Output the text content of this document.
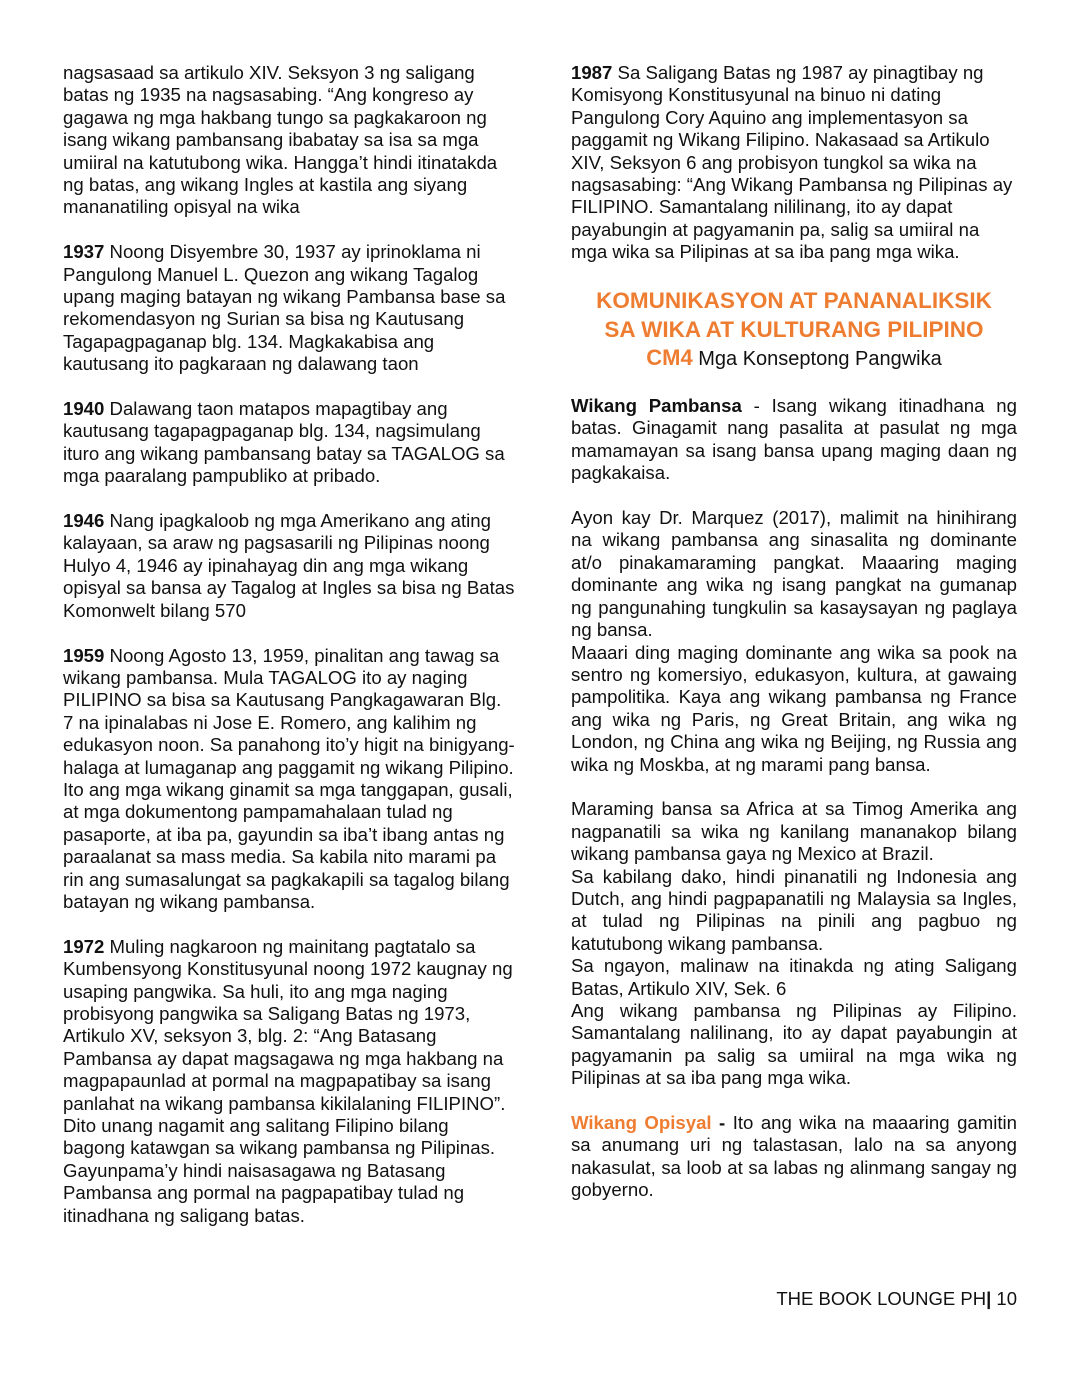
nagsasaad sa artikulo XIV. Seksyon 3 ng saligang batas ng 1935 na nagsasabing. “Ang kongreso ay gagawa ng mga hakbang tungo sa pagkakaroon ng isang wikang pambansang ibabatay sa isa sa mga umiiral na katutubong wika. Hangga’t hindi itinatakda ng batas, ang wikang Ingles at kastila ang siyang mananatiling opisyal na wika

1937 Noong Disyembre 30, 1937 ay iprinoklama ni Pangulong Manuel L. Quezon ang wikang Tagalog upang maging batayan ng wikang Pambansa base sa rekomendasyon ng Surian sa bisa ng Kautusang Tagapagpaganap blg. 134. Magkakabisa ang kautusang ito pagkaraan ng dalawang taon

1940 Dalawang taon matapos mapagtibay ang kautusang tagapagpaganap blg. 134, nagsimulang ituro ang wikang pambansang batay sa TAGALOG sa mga paaralang pampubliko at pribado.

1946 Nang ipagkaloob ng mga Amerikano ang ating kalayaan, sa araw ng pagsasarili ng Pilipinas noong Hulyo 4, 1946 ay ipinahayag din ang mga wikang opisyal sa bansa ay Tagalog at Ingles sa bisa ng Batas Komonwelt bilang 570

1959 Noong Agosto 13, 1959, pinalitan ang tawag sa wikang pambansa. Mula TAGALOG ito ay naging PILIPINO sa bisa sa Kautusang Pangkagawaran Blg. 7 na ipinalabas ni Jose E. Romero, ang kalihim ng edukasyon noon. Sa panahong ito’y higit na binigyang-halaga at lumaganap ang paggamit ng wikang Pilipino. Ito ang mga wikang ginamit sa mga tanggapan, gusali, at mga dokumentong pampamahalaan tulad ng pasaporte, at iba pa, gayundin sa iba’t ibang antas ng paraalanat sa mass media. Sa kabila nito marami pa rin ang sumasalungat sa pagkakapili sa tagalog bilang batayan ng wikang pambansa.

1972 Muling nagkaroon ng mainitang pagtatalo sa Kumbensyong Konstitusyunal noong 1972 kaugnay ng usaping pangwika. Sa huli, ito ang mga naging probisyong pangwika sa Saligang Batas ng 1973, Artikulo XV, seksyon 3, blg. 2: “Ang Batasang Pambansa ay dapat magsagawa ng mga hakbang na magpapaunlad at pormal na magpapatibay sa isang panlahat na wikang pambansa kikilalaning FILIPINO”. Dito unang nagamit ang salitang Filipino bilang bagong katawgan sa wikang pambansa ng Pilipinas. Gayunpama’y hindi naisasagawa ng Batasang Pambansa ang pormal na pagpapatibay tulad ng itinadhana ng saligang batas.

1987 Sa Saligang Batas ng 1987 ay pinagtibay ng Komisyong Konstitusyunal na binuo ni dating Pangulong Cory Aquino ang implementasyon sa paggamit ng Wikang Filipino. Nakasaad sa Artikulo XIV, Seksyon 6 ang probisyon tungkol sa wika na nagsasabing: “Ang Wikang Pambansa ng Pilipinas ay FILIPINO. Samantalang nililinang, ito ay dapat payabungin at pagyamanin pa, salig sa umiiral na mga wika sa Pilipinas at sa iba pang mga wika.

KOMUNIKASYON AT PANANALIKSIK
SA WIKA AT KULTURANG PILIPINO
CM4 Mga Konseptong Pangwika

Wikang Pambansa - Isang wikang itinadhana ng batas. Ginagamit nang pasalita at pasulat ng mga mamamayan sa isang bansa upang maging daan ng pagkakaisa.

Ayon kay Dr. Marquez (2017), malimit na hinihirang na wikang pambansa ang sinasalita ng dominante at/o pinakamaraming pangkat. Maaaring maging dominante ang wika ng isang pangkat na gumanap ng pangunahing tungkulin sa kasaysayan ng paglaya ng bansa.

Maaari ding maging dominante ang wika sa pook na sentro ng komersiyo, edukasyon, kultura, at gawaing pampolitika. Kaya ang wikang pambansa ng France ang wika ng Paris, ng Great Britain, ang wika ng London, ng China ang wika ng Beijing, ng Russia ang wika ng Moskba, at ng marami pang bansa.

Maraming bansa sa Africa at sa Timog Amerika ang nagpanatili sa wika ng kanilang mananakop bilang wikang pambansa gaya ng Mexico at Brazil.

Sa kabilang dako, hindi pinanatili ng Indonesia ang Dutch, ang hindi pagpapanatili ng Malaysia sa Ingles, at tulad ng Pilipinas na pinili ang pagbuo ng katutubong wikang pambansa.

Sa ngayon, malinaw na itinakda ng ating Saligang Batas, Artikulo XIV, Sek. 6

Ang wikang pambansa ng Pilipinas ay Filipino. Samantalang nalilinang, ito ay dapat payabungin at pagyamanin pa salig sa umiiral na mga wika ng Pilipinas at sa iba pang mga wika.

Wikang Opisyal - Ito ang wika na maaaring gamitin sa anumang uri ng talastasan, lalo na sa anyong nakasulat, sa loob at sa labas ng alinmang sangay ng gobyerno.

THE BOOK LOUNGE PH| 10
